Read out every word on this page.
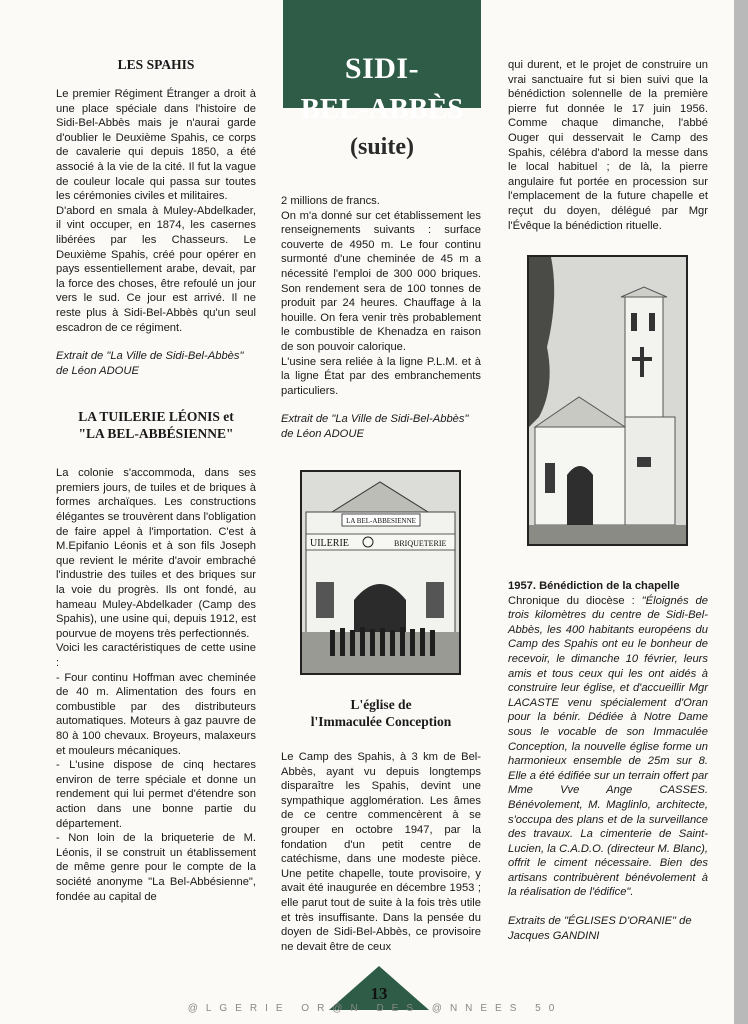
LES SPAHIS

Le premier Régiment Étranger a droit à une place spéciale dans l'histoire de Sidi-Bel-Abbès mais je n'aurai garde d'oublier le Deuxième Spahis, ce corps de cavalerie qui depuis 1850, a été associé à la vie de la cité. Il fut la vague de couleur locale qui passa sur toutes les cérémonies civiles et militaires.

D'abord en smala à Muley-Abdelkader, il vint occuper, en 1874, les casernes libérées par les Chasseurs. Le Deuxième Spahis, créé pour opérer en pays essentiellement arabe, devait, par la force des choses, être refoulé un jour vers le sud. Ce jour est arrivé. Il ne reste plus à Sidi-Bel-Abbès qu'un seul escadron de ce régiment.

Extrait de "La Ville de Sidi-Bel-Abbès"
de Léon ADOUE

LA TUILERIE LÉONIS et
"LA BEL-ABBÉSIENNE"

La colonie s'accommoda, dans ses premiers jours, de tuiles et de briques à formes archaïques. Les constructions élégantes se trouvèrent dans l'obligation de faire appel à l'importation. C'est à M.Epifanio Léonis et à son fils Joseph que revient le mérite d'avoir embraché l'industrie des tuiles et des briques sur la voie du progrès. Ils ont fondé, au hameau Muley-Abdelkader (Camp des Spahis), une usine qui, depuis 1912, est pourvue de moyens très perfectionnés.

Voici les caractéristiques de cette usine :

- Four continu Hoffman avec cheminée de 40 m. Alimentation des fours en combustible par des distributeurs automatiques. Moteurs à gaz pauvre de 80 à 100 chevaux. Broyeurs, malaxeurs et mouleurs mécaniques.

- L'usine dispose de cinq hectares environ de terre spéciale et donne un rendement qui lui permet d'étendre son action dans une bonne partie du département.

- Non loin de la briqueterie de M. Léonis, il se construit un établissement de même genre pour le compte de la société anonyme "La Bel-Abbésienne", fondée au capital de

SIDI-
BEL-ABBÈS
(suite)

2 millions de francs.

On m'a donné sur cet établissement les renseignements suivants : surface couverte de 4950 m. Le four continu surmonté d'une cheminée de 45 m a nécessité l'emploi de 300 000 briques. Son rendement sera de 100 tonnes de produit par 24 heures. Chauffage à la houille. On fera venir très probablement le combustible de Khenadza en raison de son pouvoir calorique.

L'usine sera reliée à la ligne P.L.M. et à la ligne État par des embranchements particuliers.

Extrait de "La Ville de Sidi-Bel-Abbès"
de Léon ADOUE

LA BEL-ABBESIENNE
UILERIE	BRIQUETERIE
L'église de
l'Immaculée Conception

Le Camp des Spahis, à 3 km de Bel-Abbès, ayant vu depuis longtemps disparaître les Spahis, devint une sympathique agglomération. Les âmes de ce centre commencèrent à se grouper en octobre 1947, par la fondation d'un petit centre de catéchisme, dans une modeste pièce. Une petite chapelle, toute provisoire, y avait été inaugurée en décembre 1953 ; elle parut tout de suite à la fois très utile et très insuffisante. Dans la pensée du doyen de Sidi-Bel-Abbès, ce provisoire ne devait être de ceux

qui durent, et le projet de construire un vrai sanctuaire fut si bien suivi que la bénédiction solennelle de la première pierre fut donnée le 17 juin 1956. Comme chaque dimanche, l'abbé Ouger qui desservait le Camp des Spahis, célébra d'abord la messe dans le local habituel ; de là, la pierre angulaire fut portée en procession sur l'emplacement de la future chapelle et reçut du doyen, délégué par Mgr l'Évêque la bénédiction rituelle.

1957. Bénédiction de la chapelle

Chronique du diocèse : "Éloignés de trois kilomètres du centre de Sidi-Bel-Abbès, les 400 habitants européens du Camp des Spahis ont eu le bonheur de recevoir, le dimanche 10 février, leurs amis et tous ceux qui les ont aidés à construire leur église, et d'accueillir Mgr LACASTE venu spécialement d'Oran pour la bénir. Dédiée à Notre Dame sous le vocable de son Immaculée Conception, la nouvelle église forme un harmonieux ensemble de 25m sur 8. Elle a été édifiée sur un terrain offert par Mme Vve Ange CASSES. Bénévolement, M. Maglinlo, architecte, s'occupa des plans et de la surveillance des travaux. La cimenterie de Saint-Lucien, la C.A.D.O. (directeur M. Blanc), offrit le ciment nécessaire. Bien des artisans contribuèrent bénévolement à la réalisation de l'édifice".

Extraits de "ÉGLISES D'ORANIE" de
Jacques GANDINI

13
@LGERIE OR@N DES @NNEES 50
